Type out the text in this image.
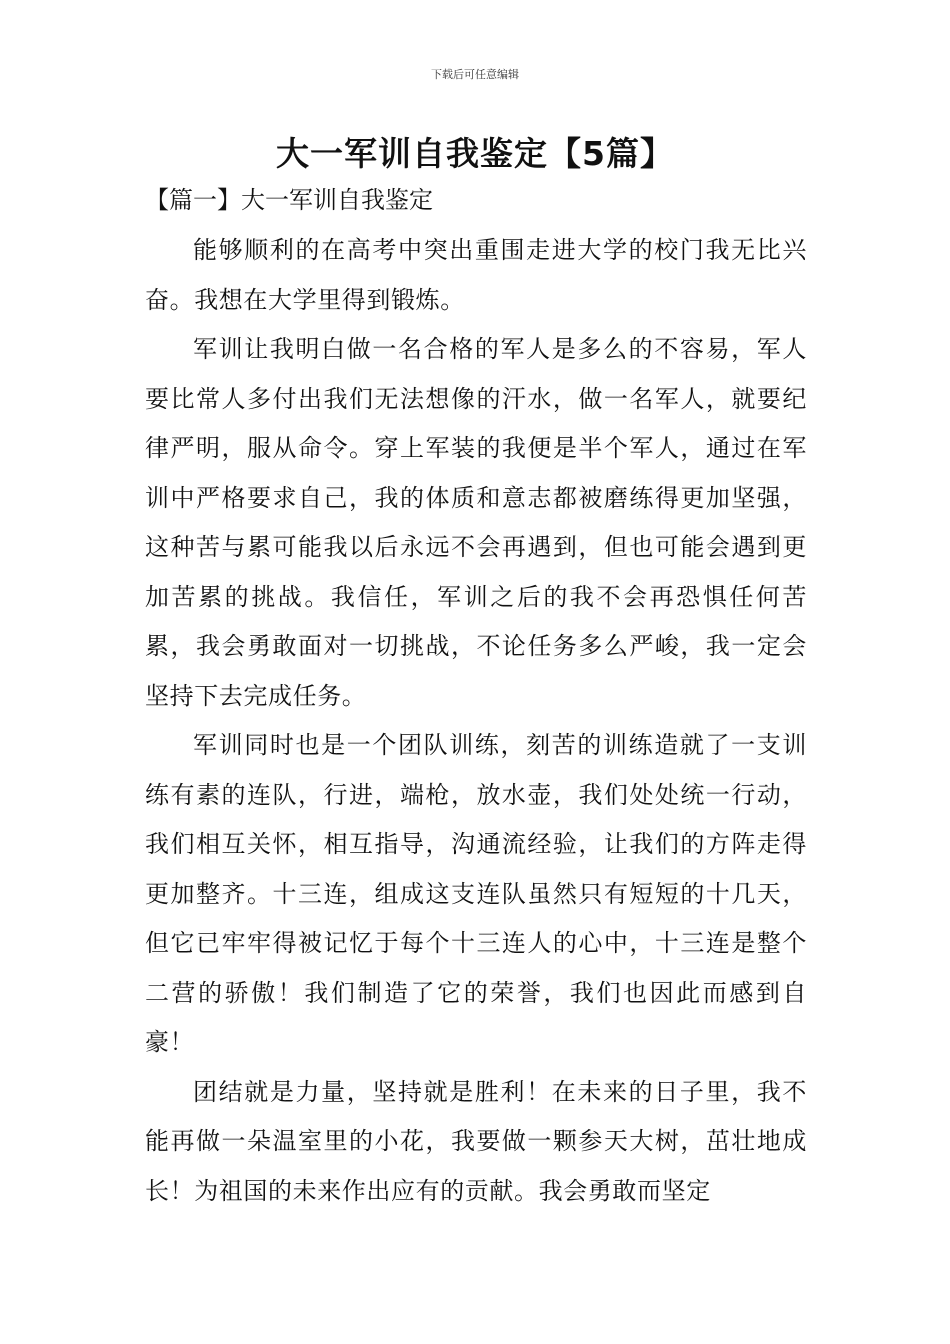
下载后可任意编辑
大一军训自我鉴定【5篇】
【篇一】大一军训自我鉴定

能够顺利的在高考中突出重围走进大学的校门我无比兴奋。我想在大学里得到锻炼。

军训让我明白做一名合格的军人是多么的不容易，军人要比常人多付出我们无法想像的汗水，做一名军人，就要纪律严明，服从命令。穿上军装的我便是半个军人，通过在军训中严格要求自己，我的体质和意志都被磨练得更加坚强，这种苦与累可能我以后永远不会再遇到，但也可能会遇到更加苦累的挑战。我信任，军训之后的我不会再恐惧任何苦累，我会勇敢面对一切挑战，不论任务多么严峻，我一定会坚持下去完成任务。

军训同时也是一个团队训练，刻苦的训练造就了一支训练有素的连队，行进，端枪，放水壶，我们处处统一行动，我们相互关怀，相互指导，沟通流经验，让我们的方阵走得更加整齐。十三连，组成这支连队虽然只有短短的十几天，但它已牢牢得被记忆于每个十三连人的心中，十三连是整个二营的骄傲！我们制造了它的荣誉，我们也因此而感到自豪！

团结就是力量，坚持就是胜利！在未来的日子里，我不能再做一朵温室里的小花，我要做一颗参天大树，茁壮地成长！为祖国的未来作出应有的贡献。我会勇敢而坚定
